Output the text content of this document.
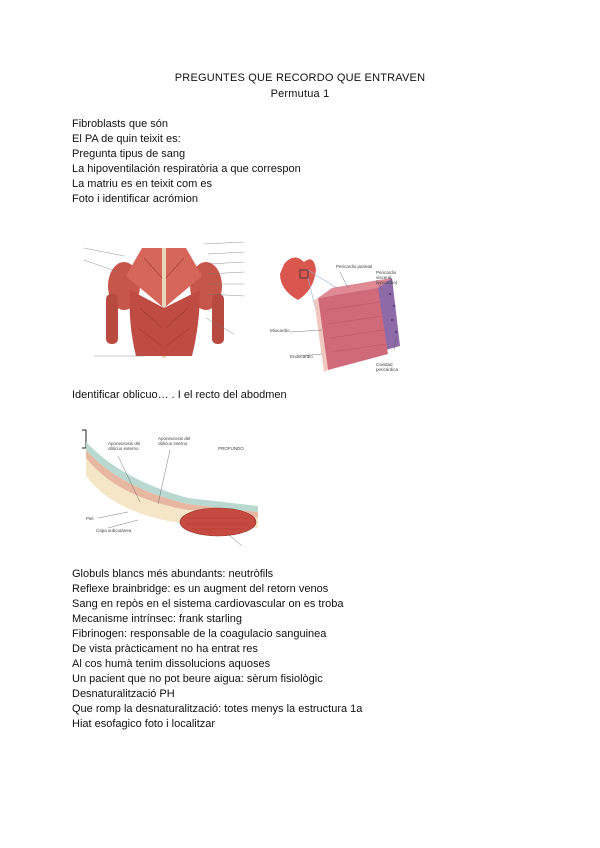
PREGUNTES QUE RECORDO QUE ENTRAVEN
Permutua 1
Fibroblasts que són
El PA de quin teixit es:
Pregunta tipus de sang
La hipoventilación respiratòria a que correspon
La matriu es en teixit com es
Foto i identificar acrómion
Pericardio parietal
Pericardio visceral (epicardio)
Miocardio
Endocardio
Cavidad pericárdica
Identificar oblicuo… . I el recto del abodmen
Aponeurosis del oblicuo externo
Aponeurosis del oblicuo interno
PROFUNDO
Piel
Capa subcutánea
Globuls blancs més abundants: neutròfils
Reflexe brainbridge: es un augment del retorn venos
Sang en repòs en el sistema cardiovascular on es troba
Mecanisme intrínsec: frank starling
Fibrinogen: responsable de la coagulacio sanguinea
De vista pràcticament no ha entrat res
Al cos humà tenim dissolucions aquoses
Un pacient que no pot beure aigua: sèrum fisiològic
Desnaturalització PH
Que romp la desnaturalització: totes menys la estructura 1a
Hiat esofagico foto i localitzar
